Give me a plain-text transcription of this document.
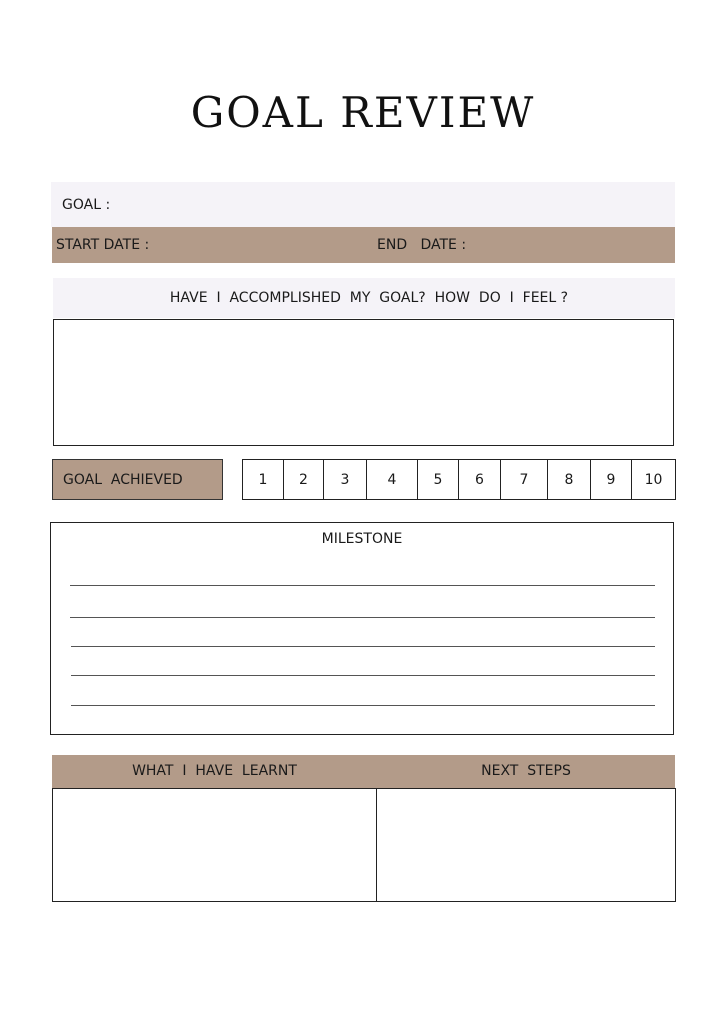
GOAL REVIEW
GOAL :
START DATE :	END   DATE :
HAVE  I  ACCOMPLISHED  MY  GOAL?  HOW  DO  I  FEEL ?
GOAL  ACHIEVED	1	2	3	4	5	6	7	8	9	10
MILESTONE
WHAT  I  HAVE  LEARNT	NEXT  STEPS
